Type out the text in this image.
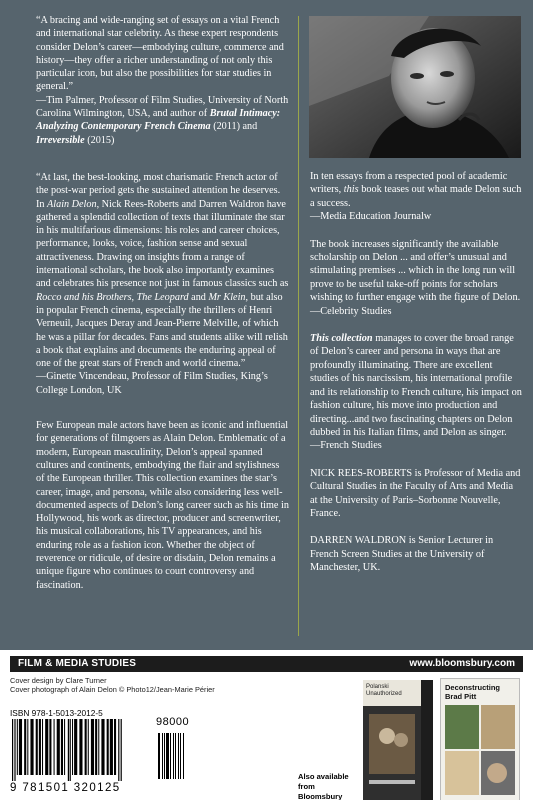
“A bracing and wide-ranging set of essays on a vital French and international star celebrity. As these expert respondents consider Delon’s career—embodying culture, commerce and history—they offer a richer understanding of not only this particular icon, but also the possibilities for star studies in general.”
—Tim Palmer, Professor of Film Studies, University of North Carolina Wilmington, USA, and author of Brutal Intimacy: Analyzing Contemporary French Cinema (2011) and Irreversible (2015)

“At last, the best-looking, most charismatic French actor of the post-war period gets the sustained attention he deserves. In Alain Delon, Nick Rees-Roberts and Darren Waldron have gathered a splendid collection of texts that illuminate the star in his multifarious dimensions: his roles and career choices, performance, looks, voice, fashion sense and sexual attractiveness. Drawing on insights from a range of international scholars, the book also importantly examines and celebrates his presence not just in famous classics such as Rocco and his Brothers, The Leopard and Mr Klein, but also in popular French cinema, especially the thrillers of Henri Verneuil, Jacques Deray and Jean-Pierre Melville, of which he was a pillar for decades. Fans and students alike will relish a book that explains and documents the enduring appeal of one of the great stars of French and world cinema.”
—Ginette Vincendeau, Professor of Film Studies, King’s College London, UK

Few European male actors have been as iconic and influential for generations of filmgoers as Alain Delon. Emblematic of a modern, European masculinity, Delon’s appeal spanned cultures and continents, embodying the flair and stylishness of the European thriller. This collection examines the star’s career, image, and persona, while also considering less well-documented aspects of Delon’s long career such as his time in Hollywood, his work as director, producer and screenwriter, his musical collaborations, his TV appearances, and his enduring role as a fashion icon. Whether the object of reverence or ridicule, of desire or disdain, Delon remains a unique figure who continues to court controversy and fascination.

In ten essays from a respected pool of academic writers, this book teases out what made Delon such a success.
—Media Education Journalw

The book increases significantly the available scholarship on Delon ... and offer’s unusual and stimulating premises ... which in the long run will prove to be useful take-off points for scholars wishing to further engage with the figure of Delon.
—Celebrity Studies

This collection manages to cover the broad range of Delon’s career and persona in ways that are profoundly illuminating. There are excellent studies of his narcissism, his international profile and its relationship to French culture, his impact on fashion culture, his move into production and directing...and two fascinating chapters on Delon dubbed in his Italian films, and Delon as singer.
—French Studies

NICK REES-ROBERTS is Professor of Media and Cultural Studies in the Faculty of Arts and Media at the University of Paris–Sorbonne Nouvelle, France.

DARREN WALDRON is Senior Lecturer in French Screen Studies at the University of Manchester, UK.

FILM & MEDIA STUDIES	www.bloomsbury.com
Cover design by Clare Turner
Cover photograph of Alain Delon © Photo12/Jean-Marie Périer
ISBN 978-1-5013-2012-5
98000
9 781501 320125
Also available from Bloomsbury
Polanski Unauthorized
Deconstructing Brad Pitt
